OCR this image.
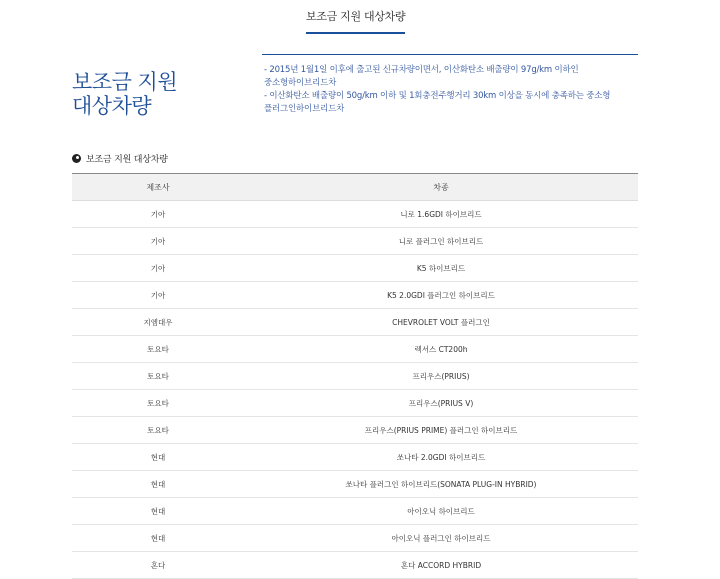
보조금 지원 대상차량
보조금 지원
대상차량

- 2015년 1월1일 이후에 출고된 신규차량이면서, 이산화탄소 배출량이 97g/km 이하인

중소형하이브리드차

- 이산화탄소 배출량이 50g/km 이하 및 1회충전주행거리 30km 이상을 동시에 충족하는 중소형

플러그인하이브리드차

보조금 지원 대상차량
제조사	차종
기아	니로 1.6GDI 하이브리드
기아	니로 플러그인 하이브리드
기아	K5 하이브리드
기아	K5 2.0GDI 플러그인 하이브리드
지엠대우	CHEVROLET VOLT 플러그인
토요타	렉서스 CT200h
토요타	프리우스(PRIUS)
토요타	프리우스(PRIUS V)
토요타	프리우스(PRIUS PRIME) 플러그인 하이브리드
현대	쏘나타 2.0GDI 하이브리드
현대	쏘나타 플러그인 하이브리드(SONATA PLUG-IN HYBRID)
현대	아이오닉 하이브리드
현대	아이오닉 플러그인 하이브리드
혼다	혼다 ACCORD HYBRID
